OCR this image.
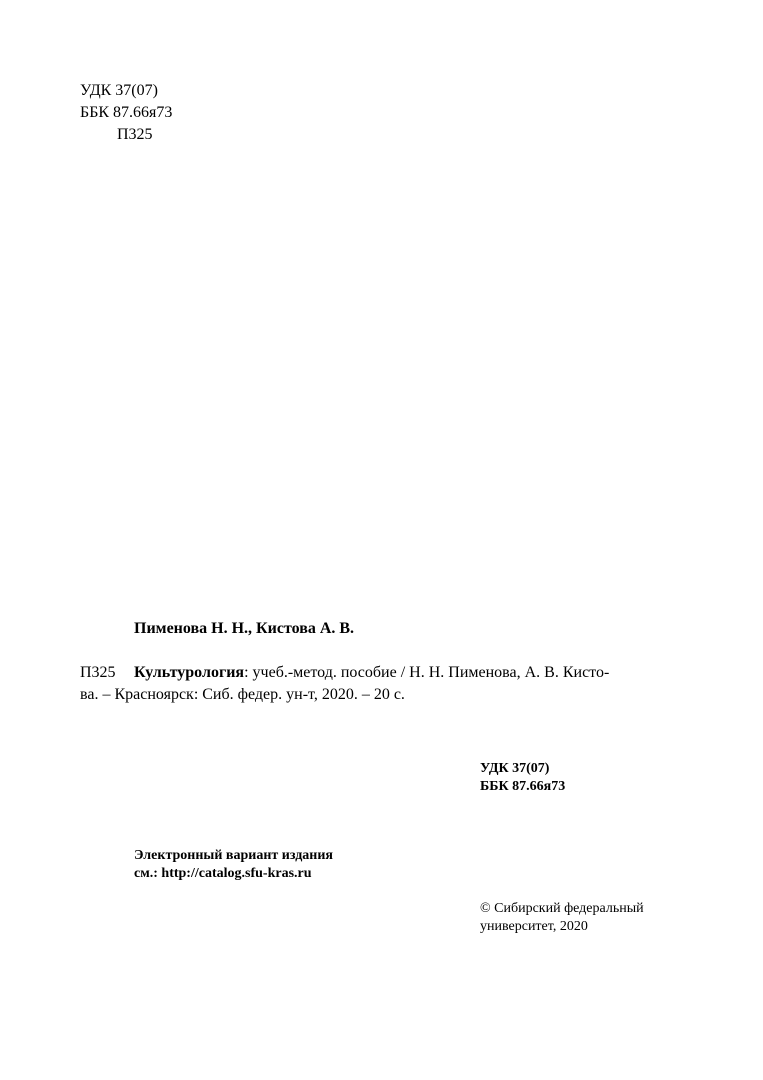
УДК 37(07)
ББК 87.66я73
П325
Пименова Н. Н., Кистова А. В.
П325 Культурология: учеб.-метод. пособие / Н. Н. Пименова, А. В. Кисто-
ва. – Красноярск: Сиб. федер. ун-т, 2020. – 20 с.
УДК 37(07)
ББК 87.66я73
Электронный вариант издания
см.: http://catalog.sfu-kras.ru
© Сибирский федеральный
университет, 2020
